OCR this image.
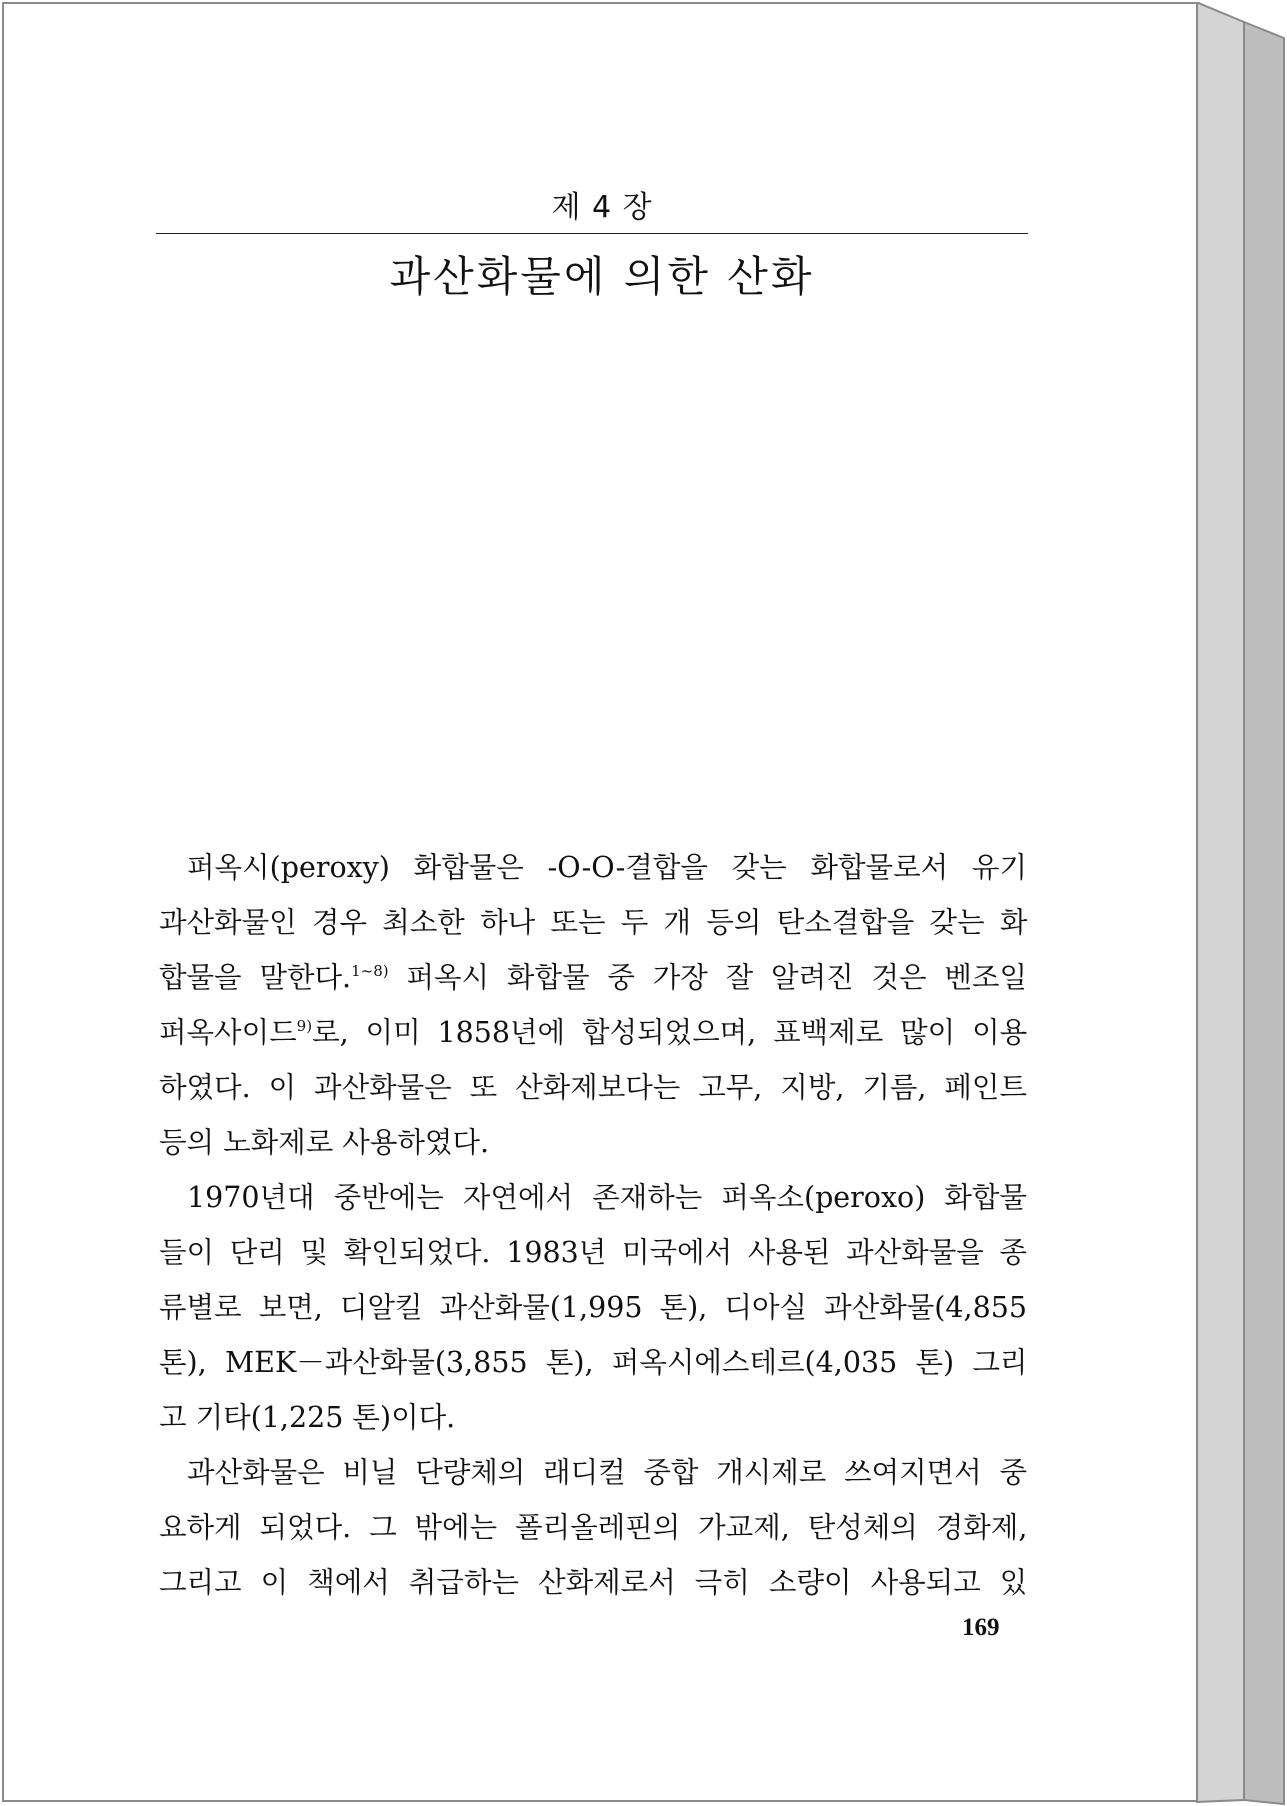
제 4 장
과산화물에 의한 산화

퍼옥시(peroxy) 화합물은 -O-O-결합을 갖는 화합물로서 유기
과산화물인 경우 최소한 하나 또는 두 개 등의 탄소결합을 갖는 화
합물을 말한다.$^{1\sim 8)}$ 퍼옥시 화합물 중 가장 잘 알려진 것은 벤조일
퍼옥사이드$^{9)}$로, 이미 1858년에 합성되었으며, 표백제로 많이 이용
하였다. 이 과산화물은 또 산화제보다는 고무, 지방, 기름, 페인트
등의 노화제로 사용하였다.

1970년대 중반에는 자연에서 존재하는 퍼옥소(peroxo) 화합물
들이 단리 및 확인되었다. 1983년 미국에서 사용된 과산화물을 종
류별로 보면, 디알킬 과산화물(1,995 톤), 디아실 과산화물(4,855
톤), MEK－과산화물(3,855 톤), 퍼옥시에스테르(4,035 톤) 그리
고 기타(1,225 톤)이다.

과산화물은 비닐 단량체의 래디컬 중합 개시제로 쓰여지면서 중
요하게 되었다. 그 밖에는 폴리올레핀의 가교제, 탄성체의 경화제,
그리고 이 책에서 취급하는 산화제로서 극히 소량이 사용되고 있

169
